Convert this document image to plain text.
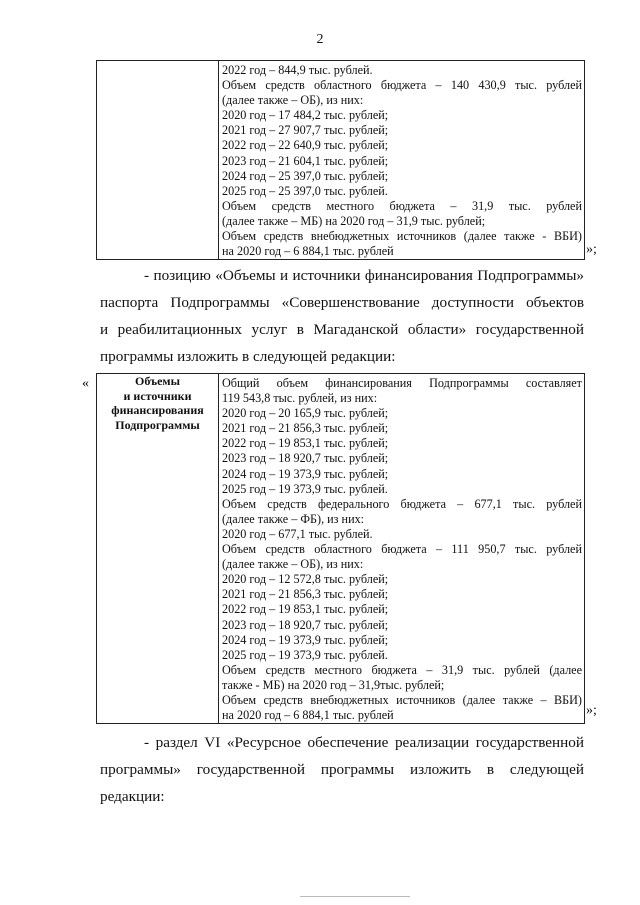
2

2022 год – 844,9 тыс. рублей.
Объем средств областного бюджета – 140 430,9 тыс. рублей
(далее также – ОБ), из них:
2020 год – 17 484,2 тыс. рублей;
2021 год – 27 907,7 тыс. рублей;
2022 год – 22 640,9 тыс. рублей;
2023 год – 21 604,1 тыс. рублей;
2024 год – 25 397,0 тыс. рублей;
2025 год – 25 397,0 тыс. рублей.
Объем средств местного бюджета – 31,9 тыс. рублей
(далее также – МБ) на 2020 год – 31,9 тыс. рублей;
Объем средств внебюджетных источников (далее также - ВБИ)
на 2020 год – 6 884,1 тыс. рублей	»;
- позицию «Объемы и источники финансирования Подпрограммы»
паспорта Подпрограммы «Совершенствование доступности объектов
и реабилитационных услуг в Магаданской области» государственной
программы изложить в следующей редакции:
«	Объемы
и источники
финансирования
Подпрограммы

Общий объем финансирования Подпрограммы составляет
119 543,8 тыс. рублей, из них:
2020 год – 20 165,9 тыс. рублей;
2021 год – 21 856,3 тыс. рублей;
2022 год – 19 853,1 тыс. рублей;
2023 год – 18 920,7 тыс. рублей;
2024 год – 19 373,9 тыс. рублей;
2025 год – 19 373,9 тыс. рублей.
Объем средств федерального бюджета – 677,1 тыс. рублей
(далее также – ФБ), из них:
2020 год – 677,1 тыс. рублей.
Объем средств областного бюджета – 111 950,7 тыс. рублей
(далее также – ОБ), из них:
2020 год – 12 572,8 тыс. рублей;
2021 год – 21 856,3 тыс. рублей;
2022 год – 19 853,1 тыс. рублей;
2023 год – 18 920,7 тыс. рублей;
2024 год – 19 373,9 тыс. рублей;
2025 год – 19 373,9 тыс. рублей.
Объем средств местного бюджета – 31,9 тыс. рублей (далее
также - МБ) на 2020 год – 31,9тыс. рублей;
Объем средств внебюджетных источников (далее также – ВБИ)
на 2020 год – 6 884,1 тыс. рублей	»;
- раздел VI «Ресурсное обеспечение реализации государственной
программы» государственной программы изложить в следующей
редакции:
